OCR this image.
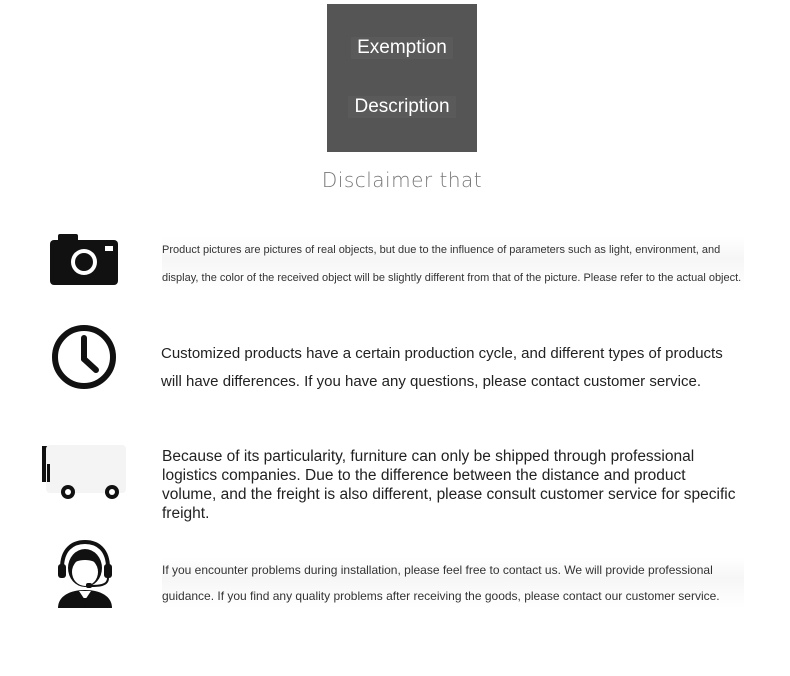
Exemption
Description
Disclaimer that
Product pictures are pictures of real objects, but due to the influence of parameters such as light, environment, and display, the color of the received object will be slightly different from that of the picture. Please refer to the actual object.
Customized products have a certain production cycle, and different types of products will have differences. If you have any questions, please contact customer service.
Because of its particularity, furniture can only be shipped through professional logistics companies. Due to the difference between the distance and product volume, and the freight is also different, please consult customer service for specific freight.
If you encounter problems during installation, please feel free to contact us. We will provide professional guidance. If you find any quality problems after receiving the goods, please contact our customer service.
